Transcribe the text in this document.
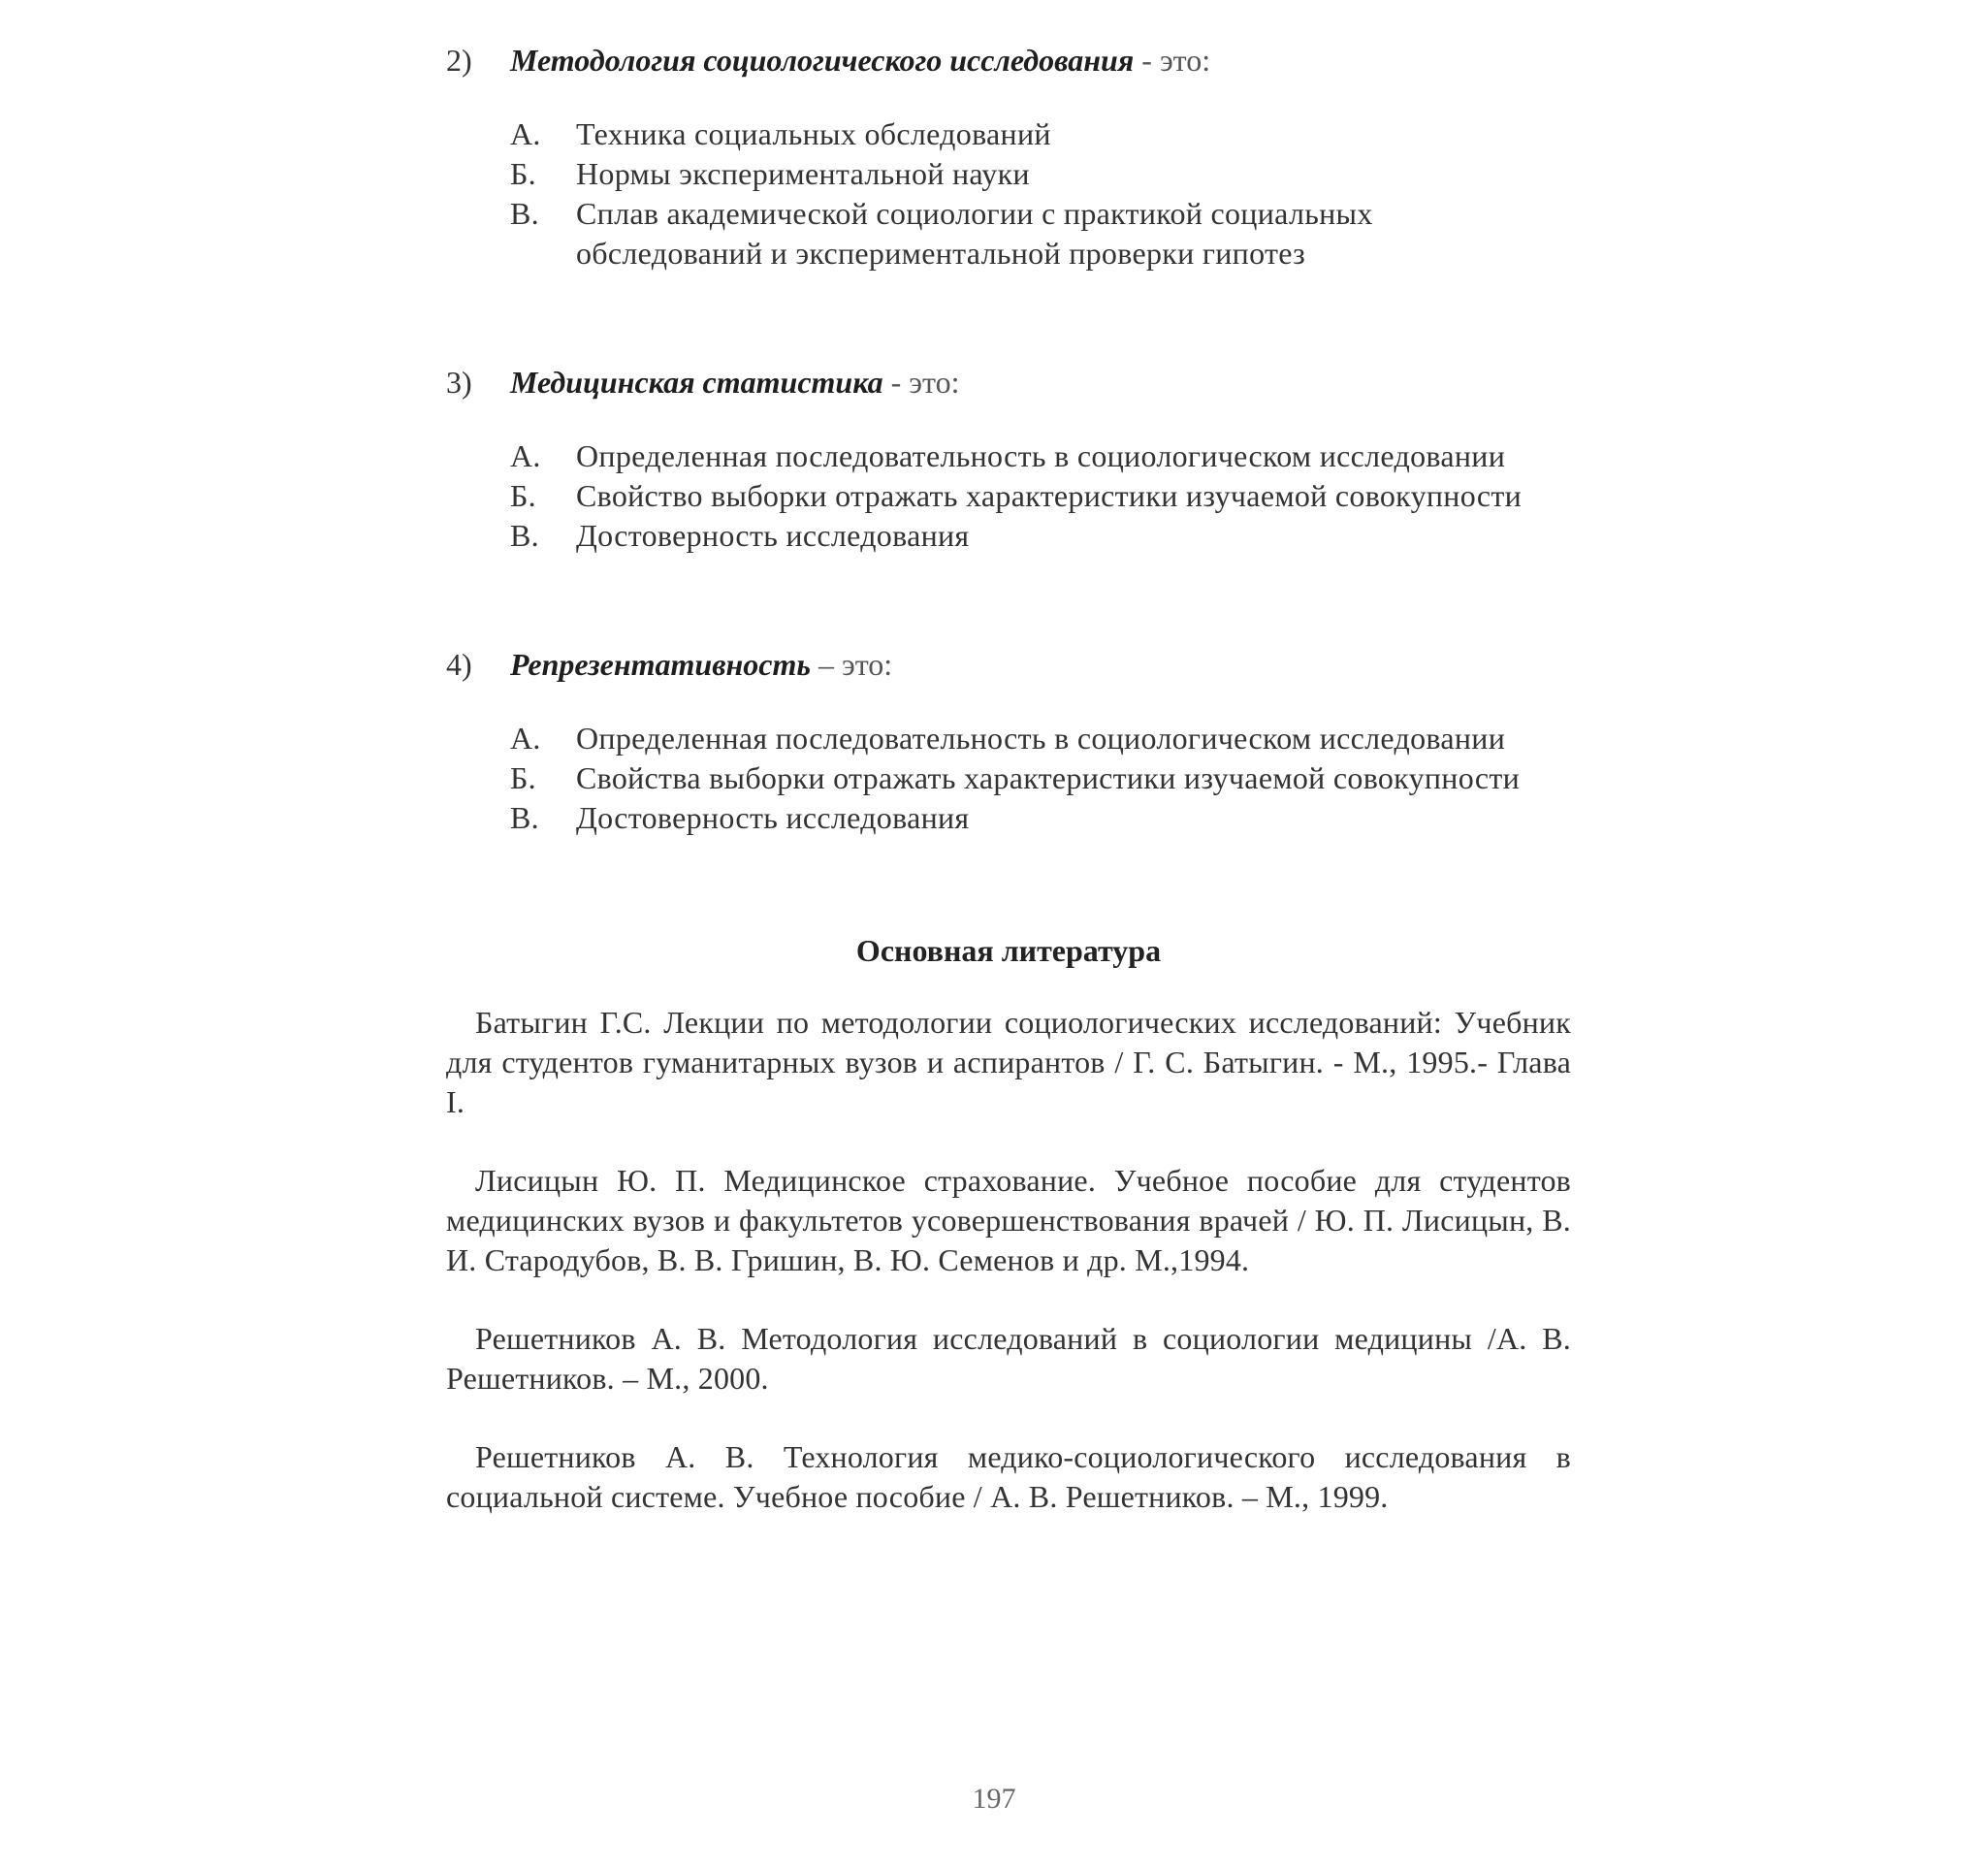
2)	Методология социологического исследования - это:
А.	Техника социальных обследований
Б.	Нормы экспериментальной науки
В.	Сплав академической социологии с практикой социальных обследований и экспериментальной проверки гипотез
3)	Медицинская статистика - это:
А.	Определенная последовательность в социологическом исследовании
Б.	Свойство выборки отражать характеристики изучаемой совокупности
В.	Достоверность исследования
4)	Репрезентативность – это:
А.	Определенная последовательность в социологическом исследовании
Б.	Свойства выборки отражать характеристики изучаемой совокупности
В.	Достоверность исследования
Основная литература

Батыгин Г.С. Лекции по методологии социологических исследований: Учебник для студентов гуманитарных вузов и аспирантов / Г. С. Батыгин. - М., 1995.- Глава I.

Лисицын Ю. П. Медицинское страхование. Учебное пособие для студентов медицинских вузов и факультетов усовершенствования врачей / Ю. П. Лисицын, В. И. Стародубов, В. В. Гришин, В. Ю. Семенов и др. М.,1994.

Решетников А. В. Методология исследований в социологии медицины /А. В. Решетников. – М., 2000.

Решетников А. В. Технология медико-социологического исследования в социальной системе. Учебное пособие / А. В. Решетников. – М., 1999.

197
